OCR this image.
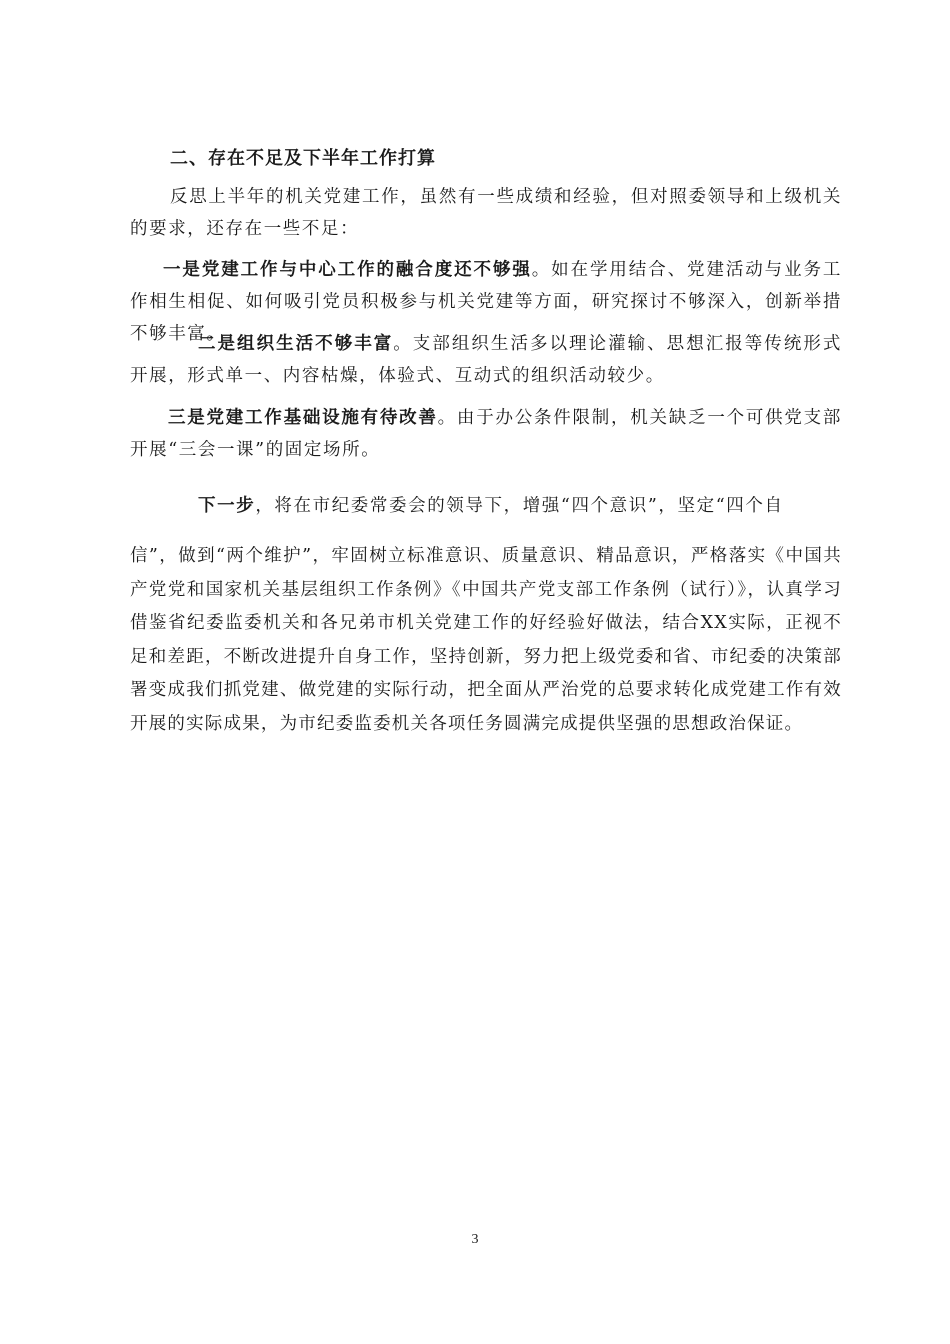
二、存在不足及下半年工作打算

反思上半年的机关党建工作，虽然有一些成绩和经验，但对照委领导和上级机关的要求，还存在一些不足：

一是党建工作与中心工作的融合度还不够强。如在学用结合、党建活动与业务工作相生相促、如何吸引党员积极参与机关党建等方面，研究探讨不够深入，创新举措不够丰富。

二是组织生活不够丰富。支部组织生活多以理论灌输、思想汇报等传统形式开展，形式单一、内容枯燥，体验式、互动式的组织活动较少。

三是党建工作基础设施有待改善。由于办公条件限制，机关缺乏一个可供党支部开展“三会一课”的固定场所。

下一步，将在市纪委常委会的领导下，增强“四个意识”，坚定“四个自

信”，做到“两个维护”，牢固树立标准意识、质量意识、精品意识，严格落实《中国共产党党和国家机关基层组织工作条例》《中国共产党支部工作条例（试行）》，认真学习借鉴省纪委监委机关和各兄弟市机关党建工作的好经验好做法，结合XX实际，正视不足和差距，不断改进提升自身工作，坚持创新，努力把上级党委和省、市纪委的决策部署变成我们抓党建、做党建的实际行动，把全面从严治党的总要求转化成党建工作有效开展的实际成果，为市纪委监委机关各项任务圆满完成提供坚强的思想政治保证。

3
